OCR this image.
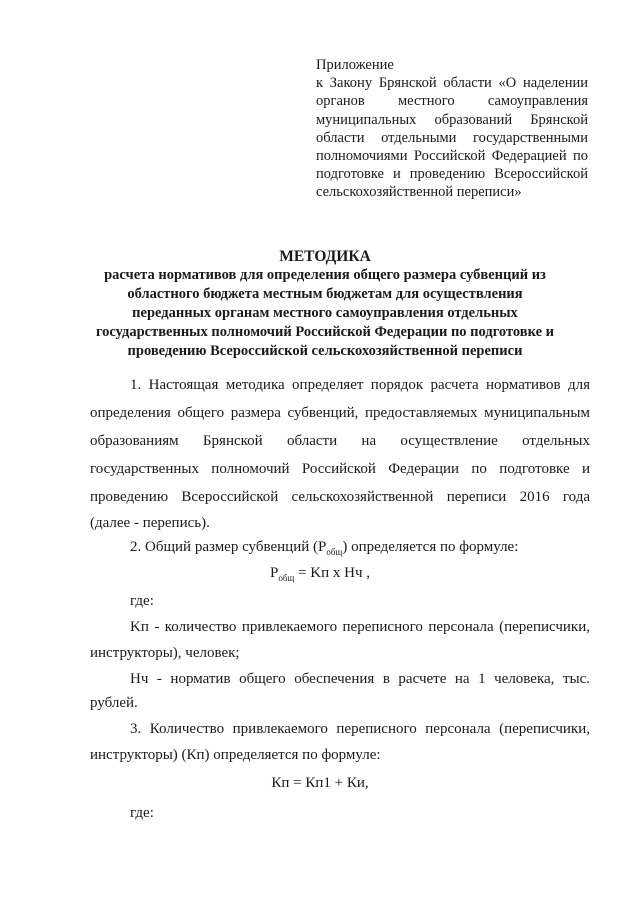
Приложение
к Закону Брянской области «О наделении органов местного самоуправления муниципальных образований Брянской области отдельными государственными полномочиями Российской Федерацией по подготовке и проведению Всероссийской сельскохозяйственной переписи»
МЕТОДИКА
расчета нормативов для определения общего размера субвенций из областного бюджета местным бюджетам для осуществления переданных органам местного самоуправления отдельных государственных полномочий Российской Федерации по подготовке и проведению Всероссийской сельскохозяйственной переписи
1. Настоящая методика определяет порядок расчета нормативов для
определения общего размера субвенций, предоставляемых муниципальным
образованиям Брянской области на осуществление отдельных
государственных полномочий Российской Федерации по подготовке и
проведению Всероссийской сельскохозяйственной переписи 2016 года
(далее - перепись).
2. Общий размер субвенций $(P_{общ})$ определяется по формуле:
$P_{общ}$ = Kп х Нч ,
где:
Kп - количество привлекаемого переписного персонала (переписчики,
инструкторы), человек;
Нч - норматив общего обеспечения в расчете на 1 человека, тыс.
рублей.
3. Количество привлекаемого переписного персонала (переписчики,
инструкторы) (Кп) определяется по формуле:
Кп = Кп1 + Ки,
где:
